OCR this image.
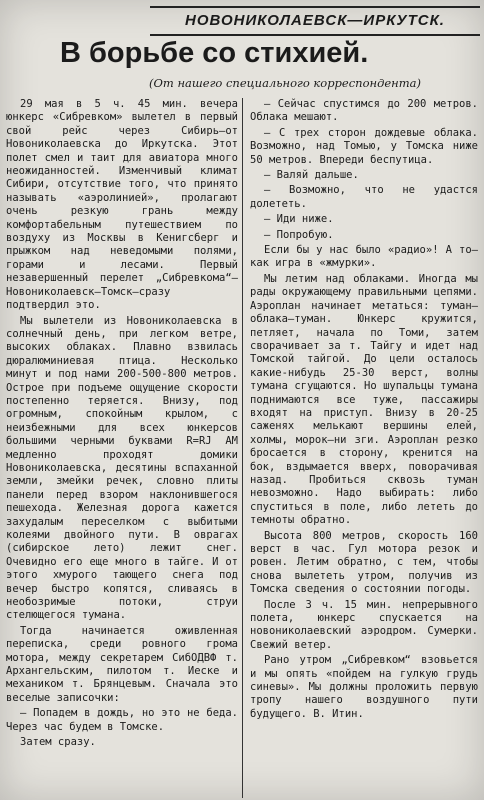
НОВОНИКОЛАЕВСК—ИРКУТСК.
В борьбе со стихией.
(От нашего специального корреспондента)

29 мая в 5 ч. 45 мин. вечера юнкерс «Сибревком» вылетел в первый свой рейс через Сибирь—от Новониколаевска до Иркутска. Этот полет смел и таит для авиатора много неожиданностей. Изменчивый климат Сибири, отсутствие того, что принято называть «аэролинией», пролагают очень резкую грань между комфортабельным путешествием по воздуху из Москвы в Кенигсберг и прыжком над неведомыми полями, горами и лесами. Первый незавершенный перелет „Сибревкома“—Новониколаевск—Томск—сразу подтвердил это.

Мы вылетели из Новониколаевска в солнечный день, при легком ветре, высоких облаках. Плавно взвилась дюралюминиевая птица. Несколько минут и под нами 200-500-800 метров. Острое при подъеме ощущение скорости постепенно теряется. Внизу, под огромным, спокойным крылом, с неизбежными для всех юнкерсов большими черными буквами R=RJ AM медленно проходят домики Новониколаевска, десятины вспаханной земли, змейки речек, словно плиты панели перед взором наклонившегося пешехода. Железная дорога кажется захудалым переселком с выбитыми колеями двойного пути. В оврагах (сибирское лето) лежит снег. Очевидно его еще много в тайге. И от этого хмурого тающего снега под вечер быстро копятся, сливаясь в необозримые потоки, струи стелющегося тумана.

Тогда начинается оживленная переписка, среди ровного грома мотора, между секретарем СибОДВФ т. Архангельским, пилотом т. Иеске и механиком т. Брянцевым. Сначала это веселые записочки:

— Попадем в дождь, но это не беда. Через час будем в Томске.

Затем сразу.

— Сейчас спустимся до 200 метров. Облака мешают.

— С трех сторон дождевые облака. Возможно, над Томью, у Томска ниже 50 метров. Впереди беспутица.

— Валяй дальше.

— Возможно, что не удастся долететь.

— Иди ниже.

— Попробую.

Если бы у нас было «радио»! А то—как игра в «жмурки».

Мы летим над облаками. Иногда мы рады окружающему правильными цепями. Аэроплан начинает метаться: туман—облака—туман. Юнкерс кружится, петляет, начала по Томи, затем сворачивает за т. Тайгу и идет над Томской тайгой. До цели осталось какие-нибудь 25-30 верст, волны тумана сгущаются. Но шупальцы тумана поднимаются все туже, пассажиры входят на приступ. Внизу в 20-25 саженях мелькают вершины елей, холмы, морок—ни зги. Аэроплан резко бросается в сторону, кренится на бок, вздымается вверх, поворачивая назад. Пробиться сквозь туман невозможно. Надо выбирать: либо спуститься в поле, либо лететь до темноты обратно.

Высота 800 метров, скорость 160 верст в час. Гул мотора резок и ровен. Летим обратно, с тем, чтобы снова вылететь утром, получив из Томска сведения о состоянии погоды.

После 3 ч. 15 мин. непрерывного полета, юнкерс спускается на новониколаевский аэродром. Сумерки. Свежий ветер.

Рано утром „Сибревком“ взовьется и мы опять «пойдем на гулкую грудь синевы». Мы должны проложить первую тропу нашего воздушного пути будущего. В. Итин.
